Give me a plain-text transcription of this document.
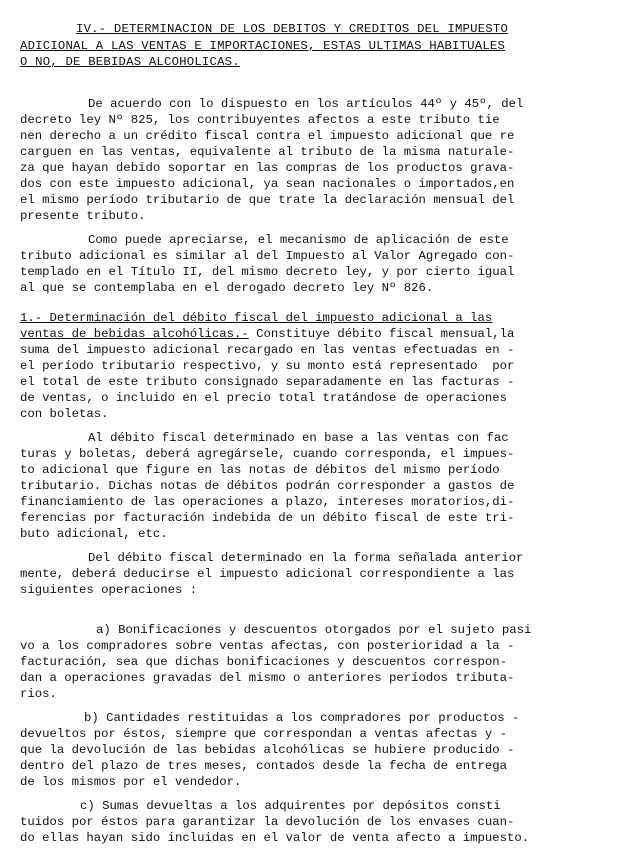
IV.- DETERMINACION DE LOS DEBITOS Y CREDITOS DEL IMPUESTO
ADICIONAL A LAS VENTAS E IMPORTACIONES, ESTAS ULTIMAS HABITUALES
O NO, DE BEBIDAS ALCOHOLICAS.
De acuerdo con lo dispuesto en los artículos 44º y 45º, del
decreto ley Nº 825, los contribuyentes afectos a este tributo tie
nen derecho a un crédito fiscal contra el impuesto adicional que re
carguen en las ventas, equivalente al tributo de la misma naturale-
za que hayan debido soportar en las compras de los productos grava-
dos con este impuesto adicional, ya sean nacionales o importados,en
el mismo período tributario de que trate la declaración mensual del
presente tributo.
Como puede apreciarse, el mecanismo de aplicación de este
tributo adicional es similar al del Impuesto al Valor Agregado con-
templado en el Título II, del mismo decreto ley, y por cierto igual
al que se contemplaba en el derogado decreto ley Nº 826.
1.- Determinación del débito fiscal del impuesto adicional a las
ventas de bebidas alcohólicas.- Constituye débito fiscal mensual,la
suma del impuesto adicional recargado en las ventas efectuadas en -
el período tributario respectivo, y su monto está representado  por
el total de este tributo consignado separadamente en las facturas -
de ventas, o incluido en el precio total tratándose de operaciones
con boletas.
Al débito fiscal determinado en base a las ventas con fac
turas y boletas, deberá agregársele, cuando corresponda, el impues-
to adicional que figure en las notas de débitos del mismo período
tributario. Dichas notas de débitos podrán corresponder a gastos de
financiamiento de las operaciones a plazo, intereses moratorios,di-
ferencias por facturación indebida de un débito fiscal de este tri-
buto adicional, etc.
Del débito fiscal determinado en la forma señalada anterior
mente, deberá deducirse el impuesto adicional correspondiente a las
siguientes operaciones :
a) Bonificaciones y descuentos otorgados por el sujeto pasi
vo a los compradores sobre ventas afectas, con posterioridad a la -
facturación, sea que dichas bonificaciones y descuentos correspon-
dan a operaciones gravadas del mismo o anteriores períodos tributa-
rios.
b) Cantidades restituidas a los compradores por productos -
devueltos por éstos, siempre que correspondan a ventas afectas y -
que la devolución de las bebidas alcohólicas se hubiere producido -
dentro del plazo de tres meses, contados desde la fecha de entrega
de los mismos por el vendedor.
c) Sumas devueltas a los adquirentes por depósitos consti
tuidos por éstos para garantizar la devolución de los envases cuan-
do ellas hayan sido incluidas en el valor de venta afecto a impuesto.
